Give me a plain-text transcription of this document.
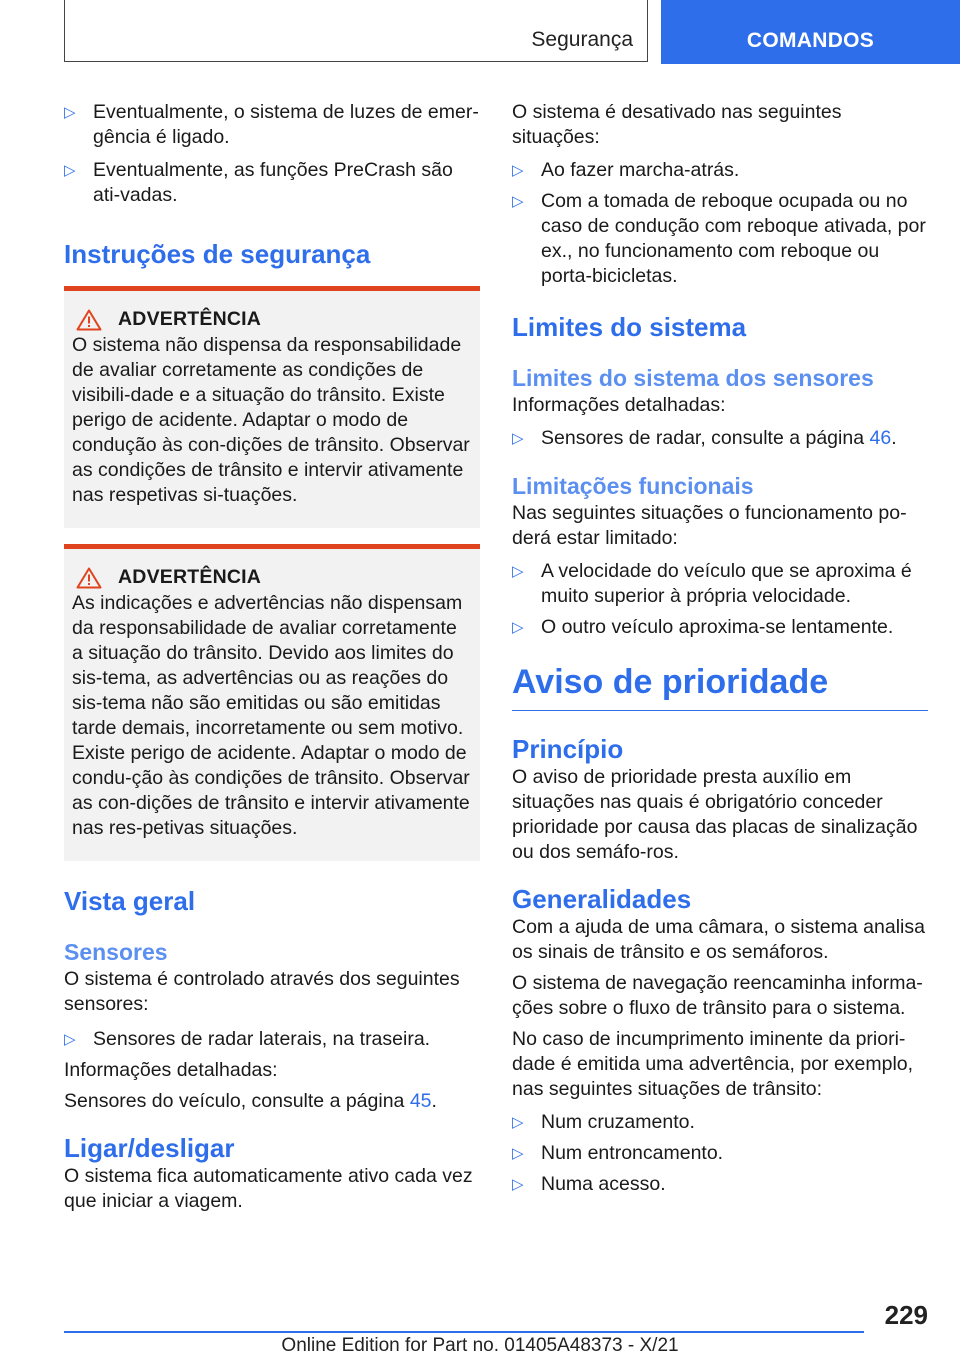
Segurança	COMANDOS
▷ Eventualmente, o sistema de luzes de emer-gência é ligado.
▷ Eventualmente, as funções PreCrash são ati-vadas.
Instruções de segurança
ADVERTÊNCIA

O sistema não dispensa da responsabilidade de avaliar corretamente as condições de visibili-dade e a situação do trânsito. Existe perigo de acidente. Adaptar o modo de condução às con-dições de trânsito. Observar as condições de trânsito e intervir ativamente nas respetivas si-tuações.

ADVERTÊNCIA

As indicações e advertências não dispensam da responsabilidade de avaliar corretamente a situação do trânsito. Devido aos limites do sis-tema, as advertências ou as reações do sis-tema não são emitidas ou são emitidas tarde demais, incorretamente ou sem motivo. Existe perigo de acidente. Adaptar o modo de condu-ção às condições de trânsito. Observar as con-dições de trânsito e intervir ativamente nas res-petivas situações.

Vista geral
Sensores

O sistema é controlado através dos seguintes sensores:

▷ Sensores de radar laterais, na traseira.

Informações detalhadas:

Sensores do veículo, consulte a página 45.

Ligar/desligar

O sistema fica automaticamente ativo cada vez que iniciar a viagem.

O sistema é desativado nas seguintes situações:

▷ Ao fazer marcha-atrás.
▷ Com a tomada de reboque ocupada ou no caso de condução com reboque ativada, por ex., no funcionamento com reboque ou porta-bicicletas.
Limites do sistema
Limites do sistema dos sensores

Informações detalhadas:

▷ Sensores de radar, consulte a página 46.
Limitações funcionais

Nas seguintes situações o funcionamento po-derá estar limitado:

▷ A velocidade do veículo que se aproxima é muito superior à própria velocidade.
▷ O outro veículo aproxima-se lentamente.
Aviso de prioridade
Princípio

O aviso de prioridade presta auxílio em situações nas quais é obrigatório conceder prioridade por causa das placas de sinalização ou dos semáfo-ros.

Generalidades

Com a ajuda de uma câmara, o sistema analisa os sinais de trânsito e os semáforos.

O sistema de navegação reencaminha informa-ções sobre o fluxo de trânsito para o sistema.

No caso de incumprimento iminente da priori-dade é emitida uma advertência, por exemplo, nas seguintes situações de trânsito:

▷ Num cruzamento.
▷ Num entroncamento.
▷ Numa acesso.
229
Online Edition for Part no. 01405A48373 - X/21
